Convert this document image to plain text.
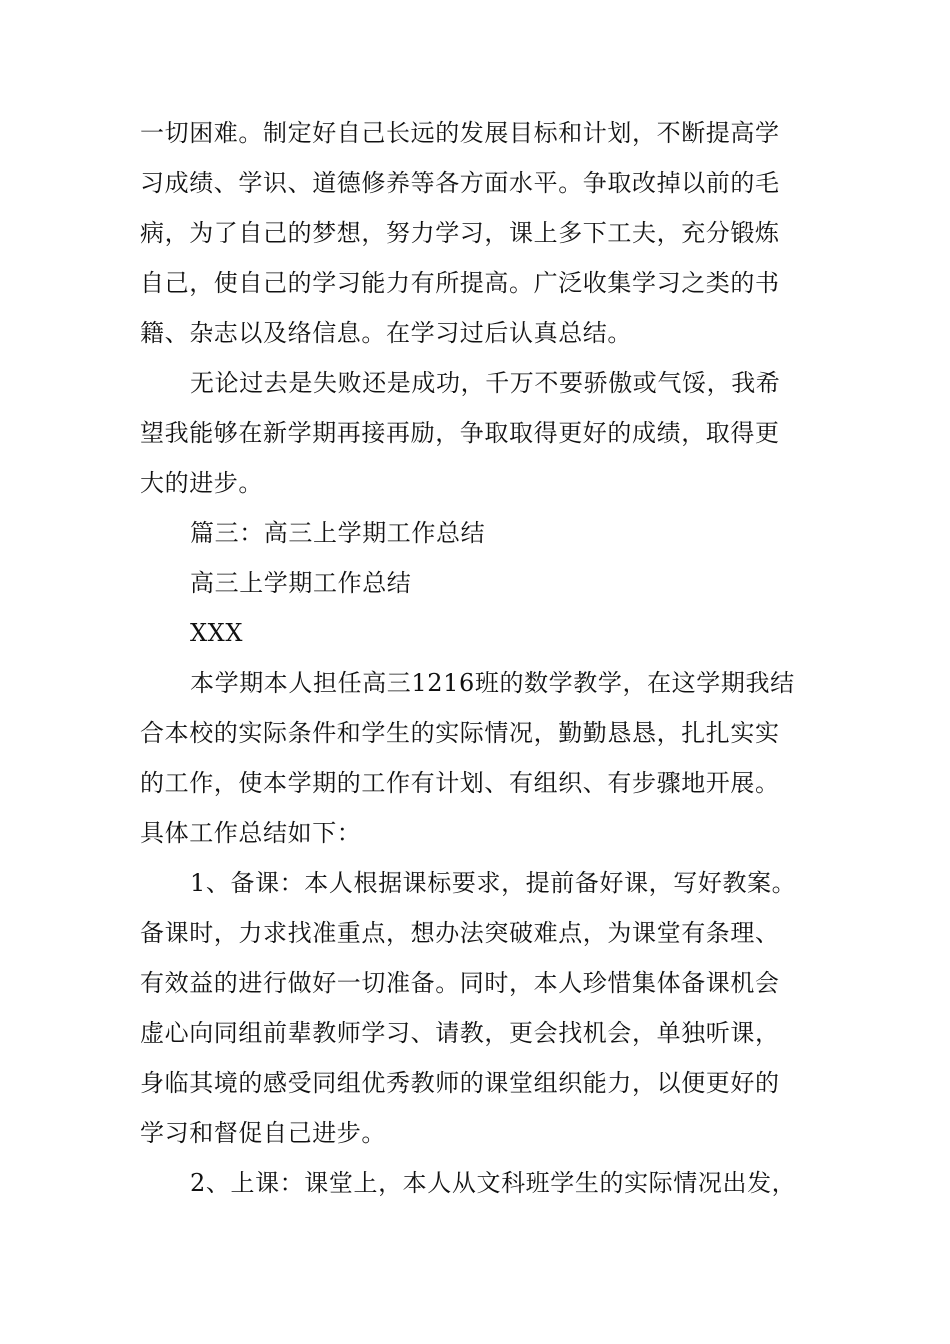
一切困难。制定好自己长远的发展目标和计划，不断提高学
习成绩、学识、道德修养等各方面水平。争取改掉以前的毛
病，为了自己的梦想，努力学习，课上多下工夫，充分锻炼
自己，使自己的学习能力有所提高。广泛收集学习之类的书
籍、杂志以及络信息。在学习过后认真总结。
无论过去是失败还是成功，千万不要骄傲或气馁，我希
望我能够在新学期再接再励，争取取得更好的成绩，取得更
大的进步。
篇三：高三上学期工作总结
高三上学期工作总结
XXX
本学期本人担任高三1216班的数学教学，在这学期我结
合本校的实际条件和学生的实际情况，勤勤恳恳，扎扎实实
的工作，使本学期的工作有计划、有组织、有步骤地开展。
具体工作总结如下：
1、备课：本人根据课标要求，提前备好课，写好教案。
备课时，力求找准重点，想办法突破难点，为课堂有条理、
有效益的进行做好一切准备。同时，本人珍惜集体备课机会
虚心向同组前辈教师学习、请教，更会找机会，单独听课，
身临其境的感受同组优秀教师的课堂组织能力，以便更好的
学习和督促自己进步。
2、上课：课堂上，本人从文科班学生的实际情况出发，
